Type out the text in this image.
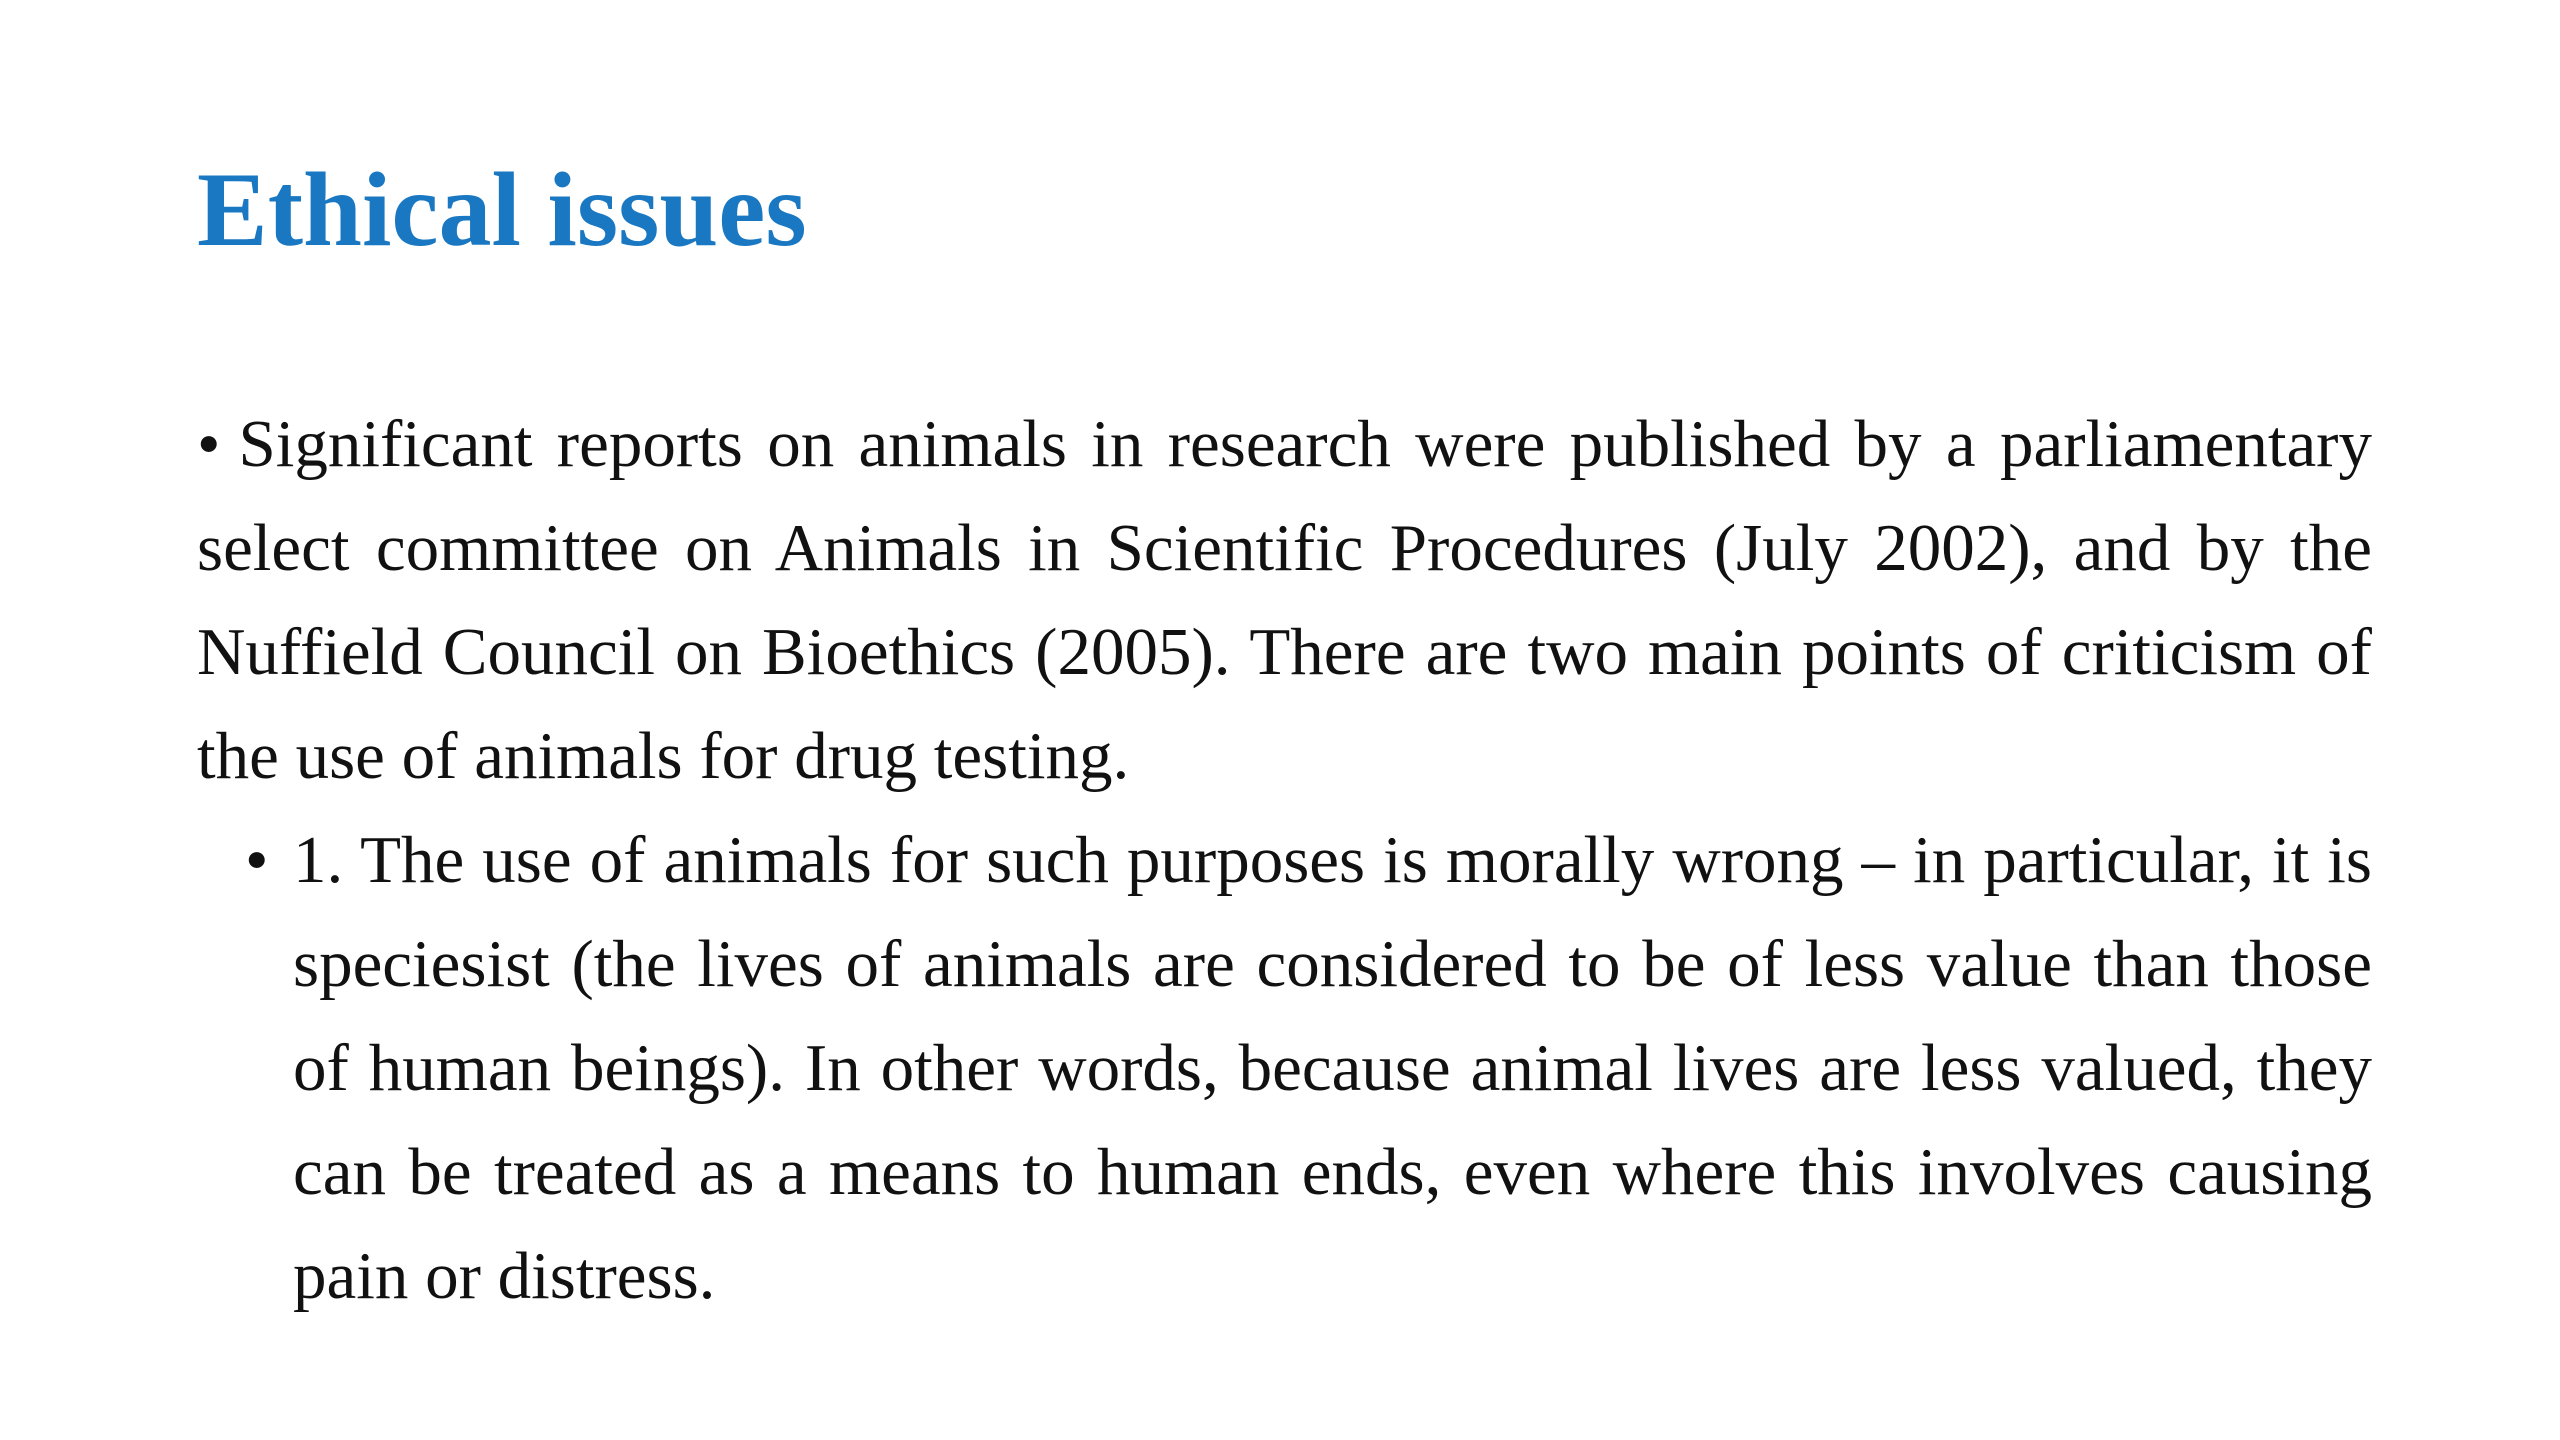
Ethical issues

• Significant reports on animals in research were published by a parliamentary select committee on Animals in Scientific Procedures (July 2002), and by the Nuffield Council on Bioethics (2005). There are two main points of criticism of the use of animals for drug testing.

• 1. The use of animals for such purposes is morally wrong – in particular, it is speciesist (the lives of animals are considered to be of less value than those of human beings). In other words, because animal lives are less valued, they can be treated as a means to human ends, even where this involves causing pain or distress.
